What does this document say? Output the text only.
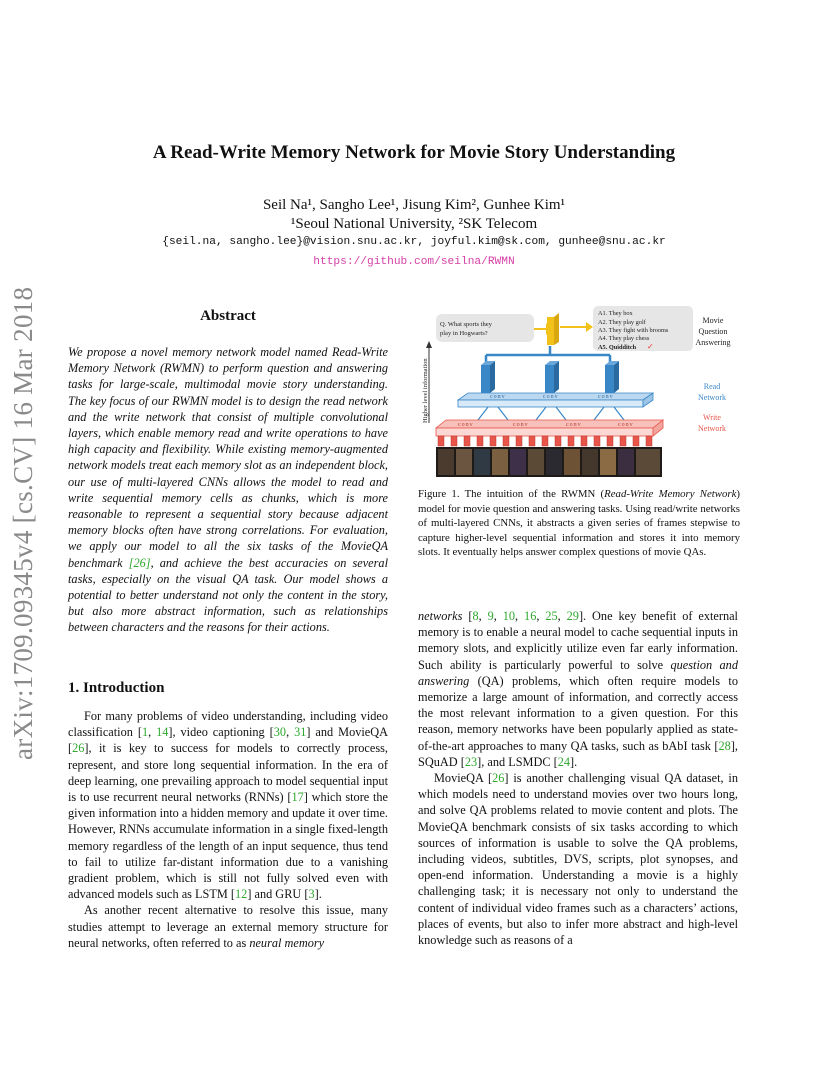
arXiv:1709.09345v4 [cs.CV] 16 Mar 2018
A Read-Write Memory Network for Movie Story Understanding
Seil Na¹, Sangho Lee¹, Jisung Kim², Gunhee Kim¹
¹Seoul National University, ²SK Telecom
{seil.na, sangho.lee}@vision.snu.ac.kr, joyful.kim@sk.com, gunhee@snu.ac.kr
https://github.com/seilna/RWMN
Abstract
We propose a novel memory network model named Read-Write Memory Network (RWMN) to perform question and answering tasks for large-scale, multimodal movie story understanding. The key focus of our RWMN model is to design the read network and the write network that consist of multiple convolutional layers, which enable memory read and write operations to have high capacity and flexibility. While existing memory-augmented network models treat each memory slot as an independent block, our use of multi-layered CNNs allows the model to read and write sequential memory cells as chunks, which is more reasonable to represent a sequential story because adjacent memory blocks often have strong correlations. For evaluation, we apply our model to all the six tasks of the MovieQA benchmark [26], and achieve the best accuracies on several tasks, especially on the visual QA task. Our model shows a potential to better understand not only the content in the story, but also more abstract information, such as relationships between characters and the reasons for their actions.
1. Introduction

For many problems of video understanding, including video classification [1, 14], video captioning [30, 31] and MovieQA [26], it is key to success for models to correctly process, represent, and store long sequential information. In the era of deep learning, one prevailing approach to model sequential input is to use recurrent neural networks (RNNs) [17] which store the given information into a hidden memory and update it over time. However, RNNs accumulate information in a single fixed-length memory regardless of the length of an input sequence, thus tend to fail to utilize far-distant information due to a vanishing gradient problem, which is still not fully solved even with advanced models such as LSTM [12] and GRU [3].

As another recent alternative to resolve this issue, many studies attempt to leverage an external memory structure for neural networks, often referred to as neural memory

networks [8, 9, 10, 16, 25, 29]. One key benefit of external memory is to enable a neural model to cache sequential inputs in memory slots, and explicitly utilize even far early information. Such ability is particularly powerful to solve question and answering (QA) problems, which often require models to memorize a large amount of information, and correctly access the most relevant information to a given question. For this reason, memory networks have been popularly applied as state-of-the-art approaches to many QA tasks, such as bAbI task [28], SQuAD [23], and LSMDC [24].

MovieQA [26] is another challenging visual QA dataset, in which models need to understand movies over two hours long, and solve QA problems related to movie content and plots. The MovieQA benchmark consists of six tasks according to which sources of information is usable to solve the QA problems, including videos, subtitles, DVS, scripts, plot synopses, and open-end information. Understanding a movie is a highly challenging task; it is necessary not only to understand the content of individual video frames such as a characters’ actions, places of events, but also to infer more abstract and high-level knowledge such as reasons of a

Higher level information
Q. What sports they
play in Hogwarts?
A1. They box
A2. They play golf
A3. They fight with brooms
A4. They play chess
A5. Quidditch ✓
Movie
Question
Answering
Read
Network
Write
Network
conv	conv	conv
conv	conv	conv	conv
Figure 1. The intuition of the RWMN (Read-Write Memory Network) model for movie question and answering tasks. Using read/write networks of multi-layered CNNs, it abstracts a given series of frames stepwise to capture higher-level sequential information and stores it into memory slots. It eventually helps answer complex questions of movie QAs.
